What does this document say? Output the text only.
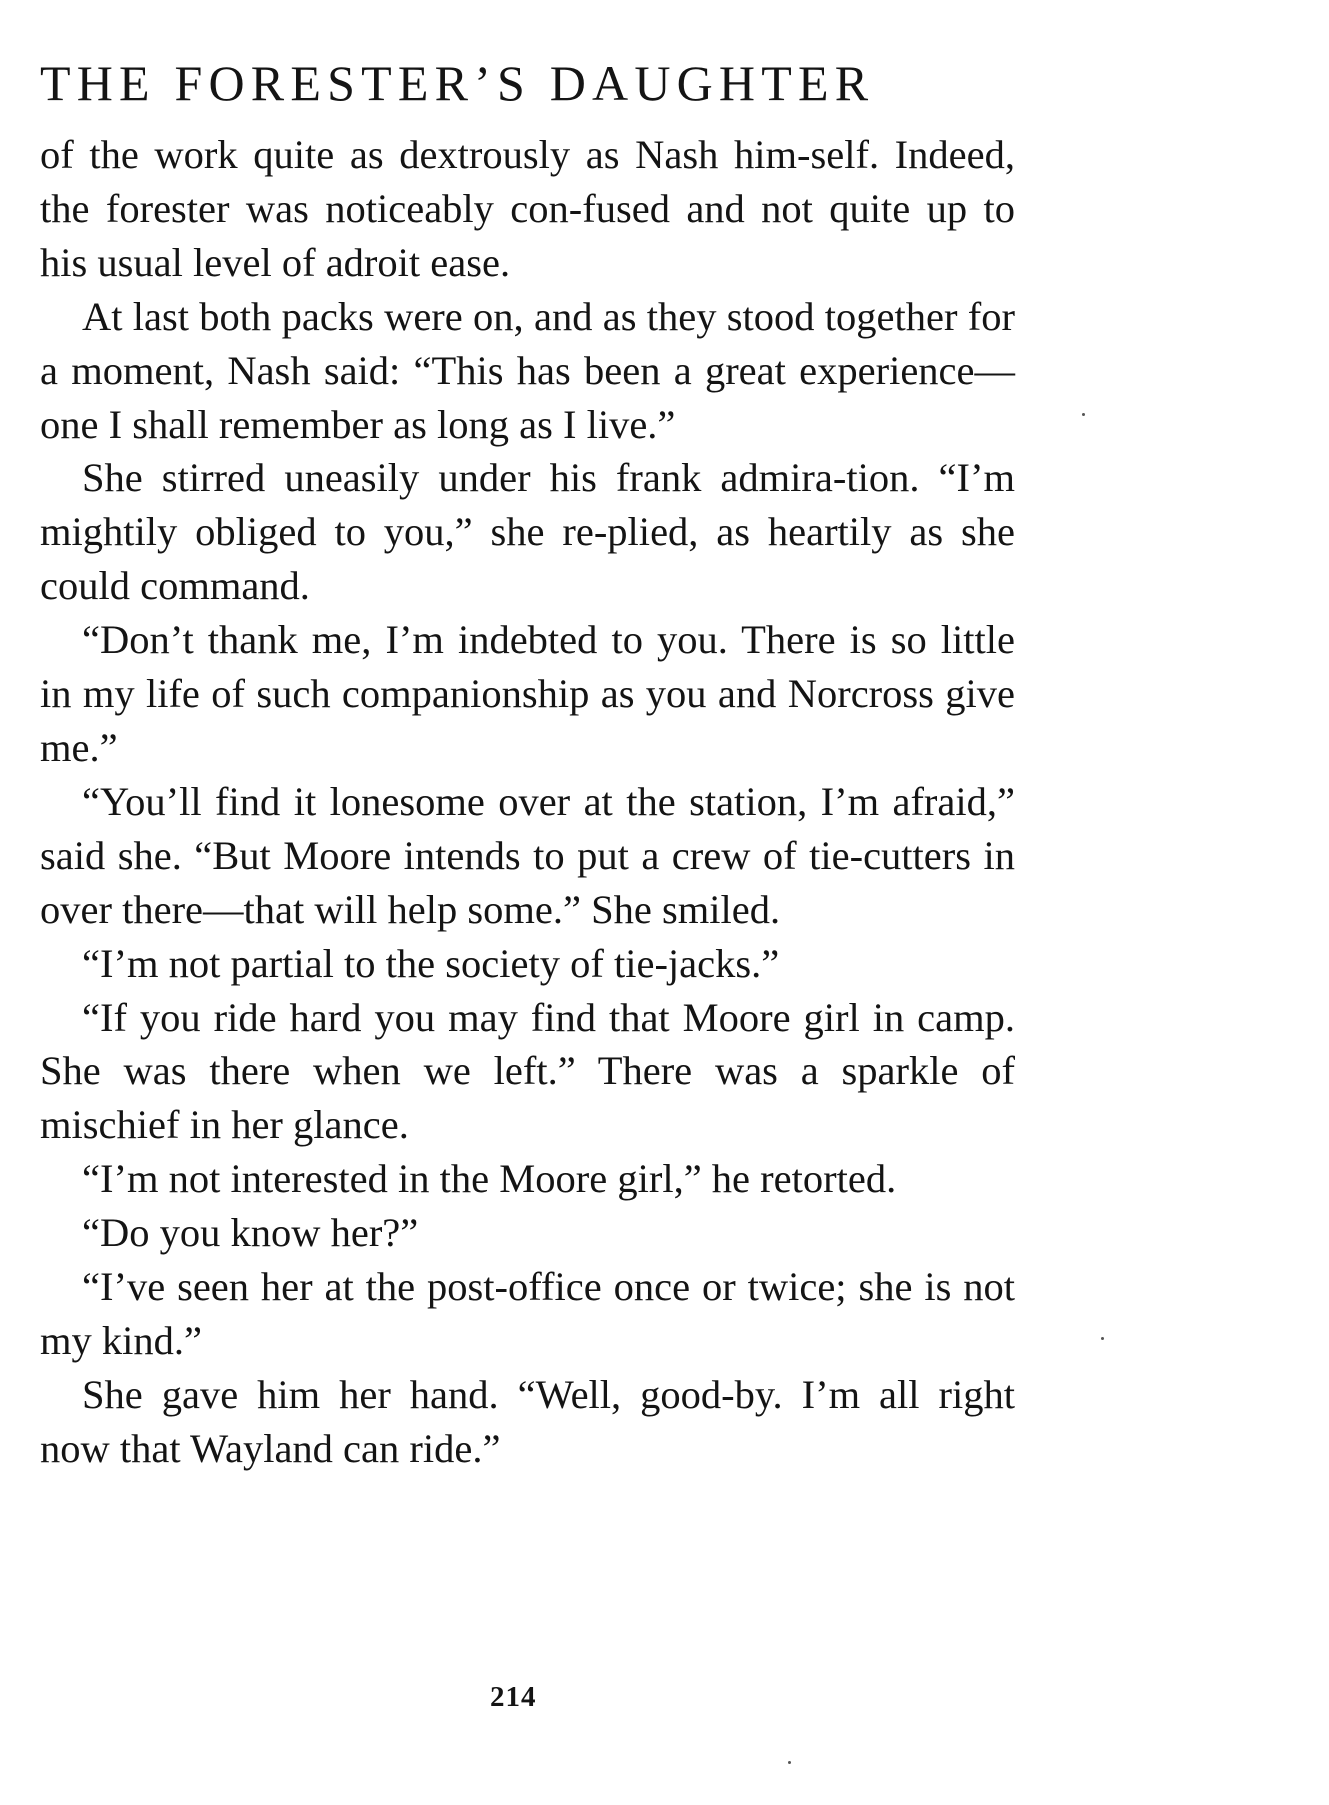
THE FORESTER’S DAUGHTER

of the work quite as dextrously as Nash him-self. Indeed, the forester was noticeably con-fused and not quite up to his usual level of adroit ease.

At last both packs were on, and as they stood together for a moment, Nash said: “This has been a great experience—one I shall remember as long as I live.”

She stirred uneasily under his frank admira-tion. “I’m mightily obliged to you,” she re-plied, as heartily as she could command.

“Don’t thank me, I’m indebted to you. There is so little in my life of such companionship as you and Norcross give me.”

“You’ll find it lonesome over at the station, I’m afraid,” said she. “But Moore intends to put a crew of tie-cutters in over there—that will help some.” She smiled.

“I’m not partial to the society of tie-jacks.”

“If you ride hard you may find that Moore girl in camp. She was there when we left.” There was a sparkle of mischief in her glance.

“I’m not interested in the Moore girl,” he retorted.

“Do you know her?”

“I’ve seen her at the post-office once or twice; she is not my kind.”

She gave him her hand. “Well, good-by. I’m all right now that Wayland can ride.”

214
